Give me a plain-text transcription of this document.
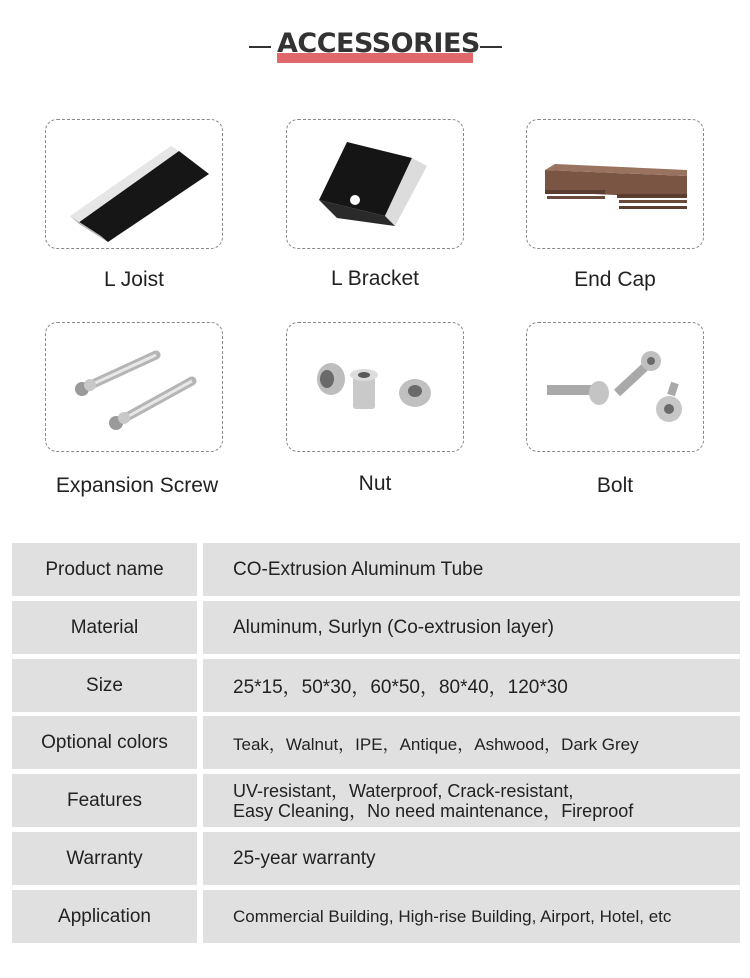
ACCESSORIES
L Joist	L Bracket	End Cap
Expansion Screw	Nut	Bolt
Product name	CO-Extrusion Aluminum Tube
Material	Aluminum, Surlyn (Co-extrusion layer)
Size	25*15，50*30，60*50，80*40，120*30
Optional colors	Teak，Walnut，IPE，Antique，Ashwood，Dark Grey
Features	UV-resistant，Waterproof, Crack-resistant,
Easy Cleaning，No need maintenance，Fireproof
Warranty	25-year warranty
Application	Commercial Building, High-rise Building, Airport, Hotel, etc
